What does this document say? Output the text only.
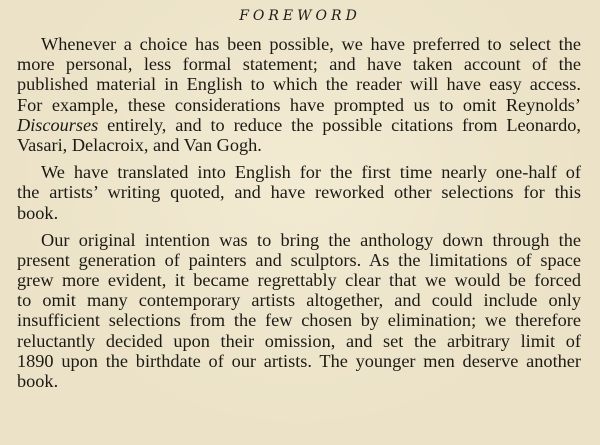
FOREWORD
Whenever a choice has been possible, we have preferred to select the
more personal, less formal statement; and have taken account of the
published material in English to which the reader will have easy access.
For example, these considerations have prompted us to omit Reynolds’
Discourses entirely, and to reduce the possible citations from Leonardo,
Vasari, Delacroix, and Van Gogh.
We have translated into English for the first time nearly one-half of
the artists’ writing quoted, and have reworked other selections for this
book.
Our original intention was to bring the anthology down through the
present generation of painters and sculptors. As the limitations of space
grew more evident, it became regrettably clear that we would be forced
to omit many contemporary artists altogether, and could include only
insufficient selections from the few chosen by elimination; we therefore
reluctantly decided upon their omission, and set the arbitrary limit of
1890 upon the birthdate of our artists. The younger men deserve another
book.
